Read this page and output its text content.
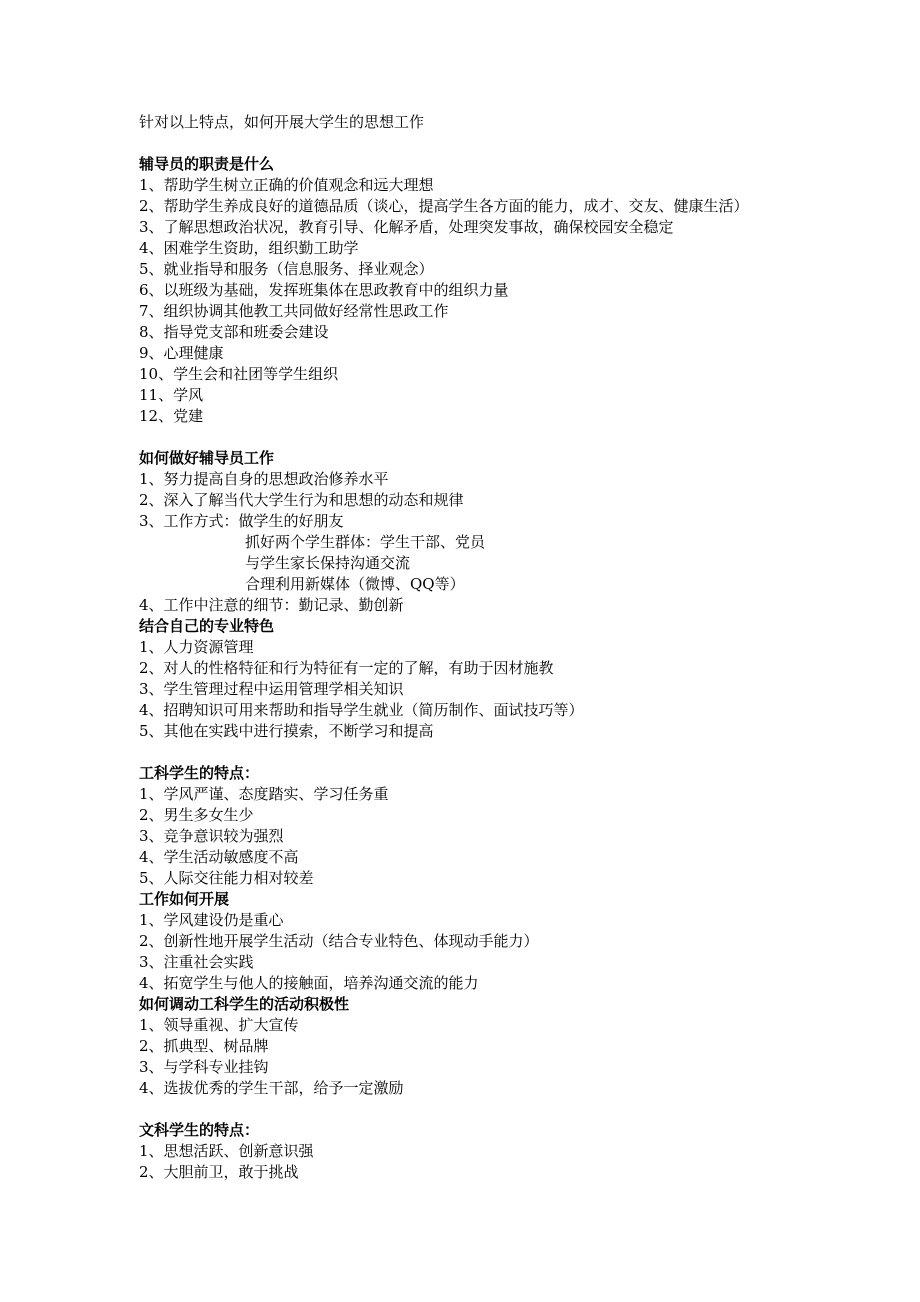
针对以上特点，如何开展大学生的思想工作
辅导员的职责是什么
1、帮助学生树立正确的价值观念和远大理想
2、帮助学生养成良好的道德品质（谈心，提高学生各方面的能力，成才、交友、健康生活）
3、了解思想政治状况，教育引导、化解矛盾，处理突发事故，确保校园安全稳定
4、困难学生资助，组织勤工助学
5、就业指导和服务（信息服务、择业观念）
6、以班级为基础，发挥班集体在思政教育中的组织力量
7、组织协调其他教工共同做好经常性思政工作
8、指导党支部和班委会建设
9、心理健康
10、学生会和社团等学生组织
11、学风
12、党建
如何做好辅导员工作
1、努力提高自身的思想政治修养水平
2、深入了解当代大学生行为和思想的动态和规律
3、工作方式：做学生的好朋友
抓好两个学生群体：学生干部、党员
与学生家长保持沟通交流
合理利用新媒体（微博、QQ等）
4、工作中注意的细节：勤记录、勤创新
结合自己的专业特色
1、人力资源管理
2、对人的性格特征和行为特征有一定的了解，有助于因材施教
3、学生管理过程中运用管理学相关知识
4、招聘知识可用来帮助和指导学生就业（简历制作、面试技巧等）
5、其他在实践中进行摸索，不断学习和提高
工科学生的特点：
1、学风严谨、态度踏实、学习任务重
2、男生多女生少
3、竞争意识较为强烈
4、学生活动敏感度不高
5、人际交往能力相对较差
工作如何开展
1、学风建设仍是重心
2、创新性地开展学生活动（结合专业特色、体现动手能力）
3、注重社会实践
4、拓宽学生与他人的接触面，培养沟通交流的能力
如何调动工科学生的活动积极性
1、领导重视、扩大宣传
2、抓典型、树品牌
3、与学科专业挂钩
4、选拔优秀的学生干部，给予一定激励
文科学生的特点：
1、思想活跃、创新意识强
2、大胆前卫，敢于挑战
